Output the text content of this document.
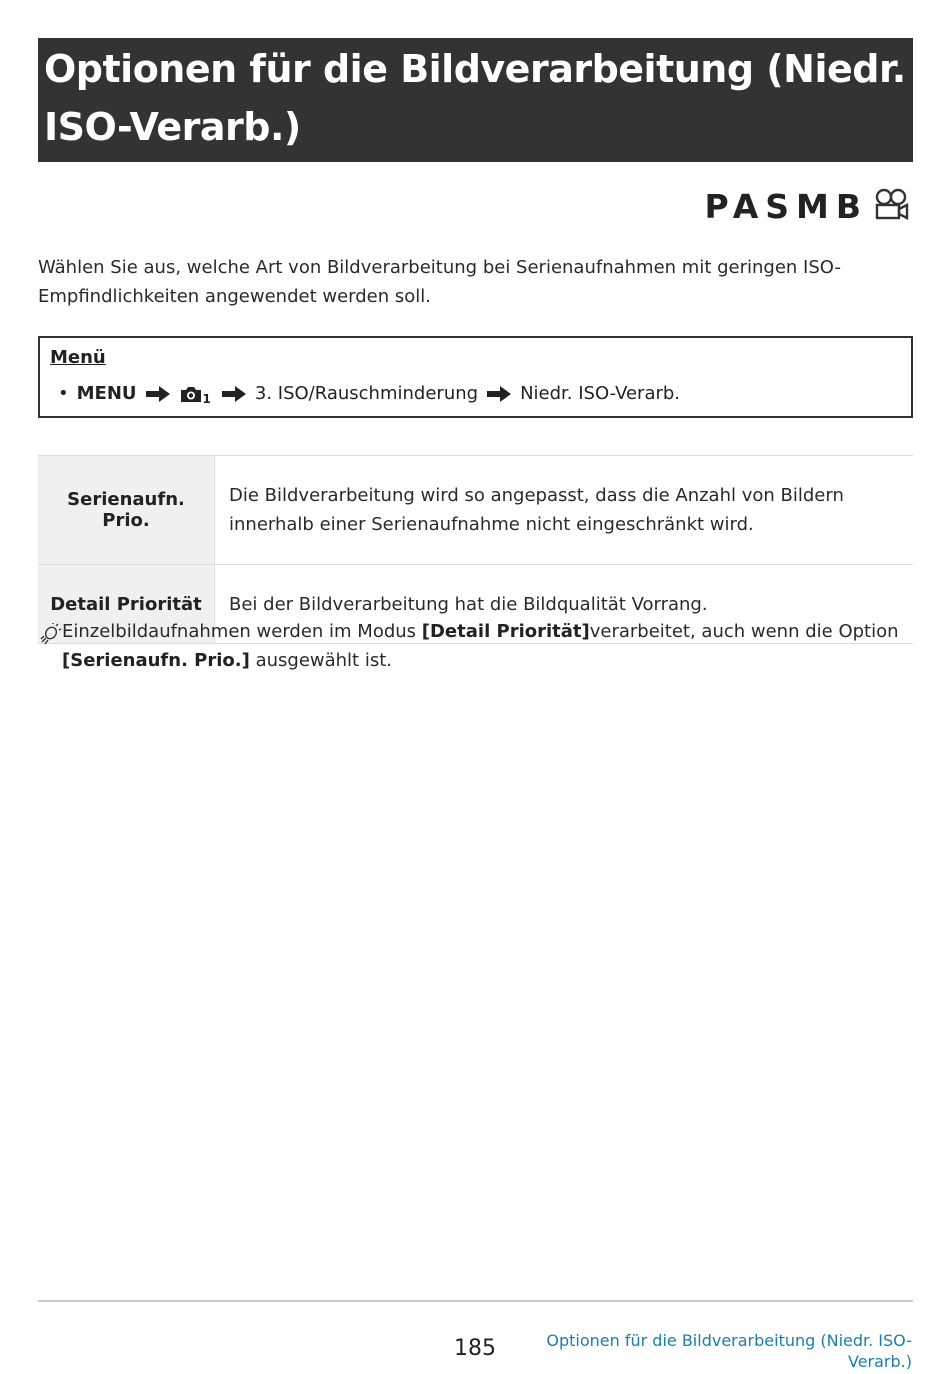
Optionen für die Bildverarbeitung (Niedr. ISO-Verarb.)
PASMB
Wählen Sie aus, welche Art von Bildverarbeitung bei Serienaufnahmen mit geringen ISO-Empfindlichkeiten angewendet werden soll.
Menü
• MENU	1 3. ISO/Rauschminderung Niedr. ISO-Verarb.
Serienaufn. Prio.	Die Bildverarbeitung wird so angepasst, dass die Anzahl von Bildern innerhalb einer Serienaufnahme nicht eingeschränkt wird.
Detail Priorität	Bei der Bildverarbeitung hat die Bildqualität Vorrang.
Einzelbildaufnahmen werden im Modus [Detail Priorität]verarbeitet, auch wenn die Option [Serienaufn. Prio.] ausgewählt ist.
185	Optionen für die Bildverarbeitung (Niedr. ISO-Verarb.)
